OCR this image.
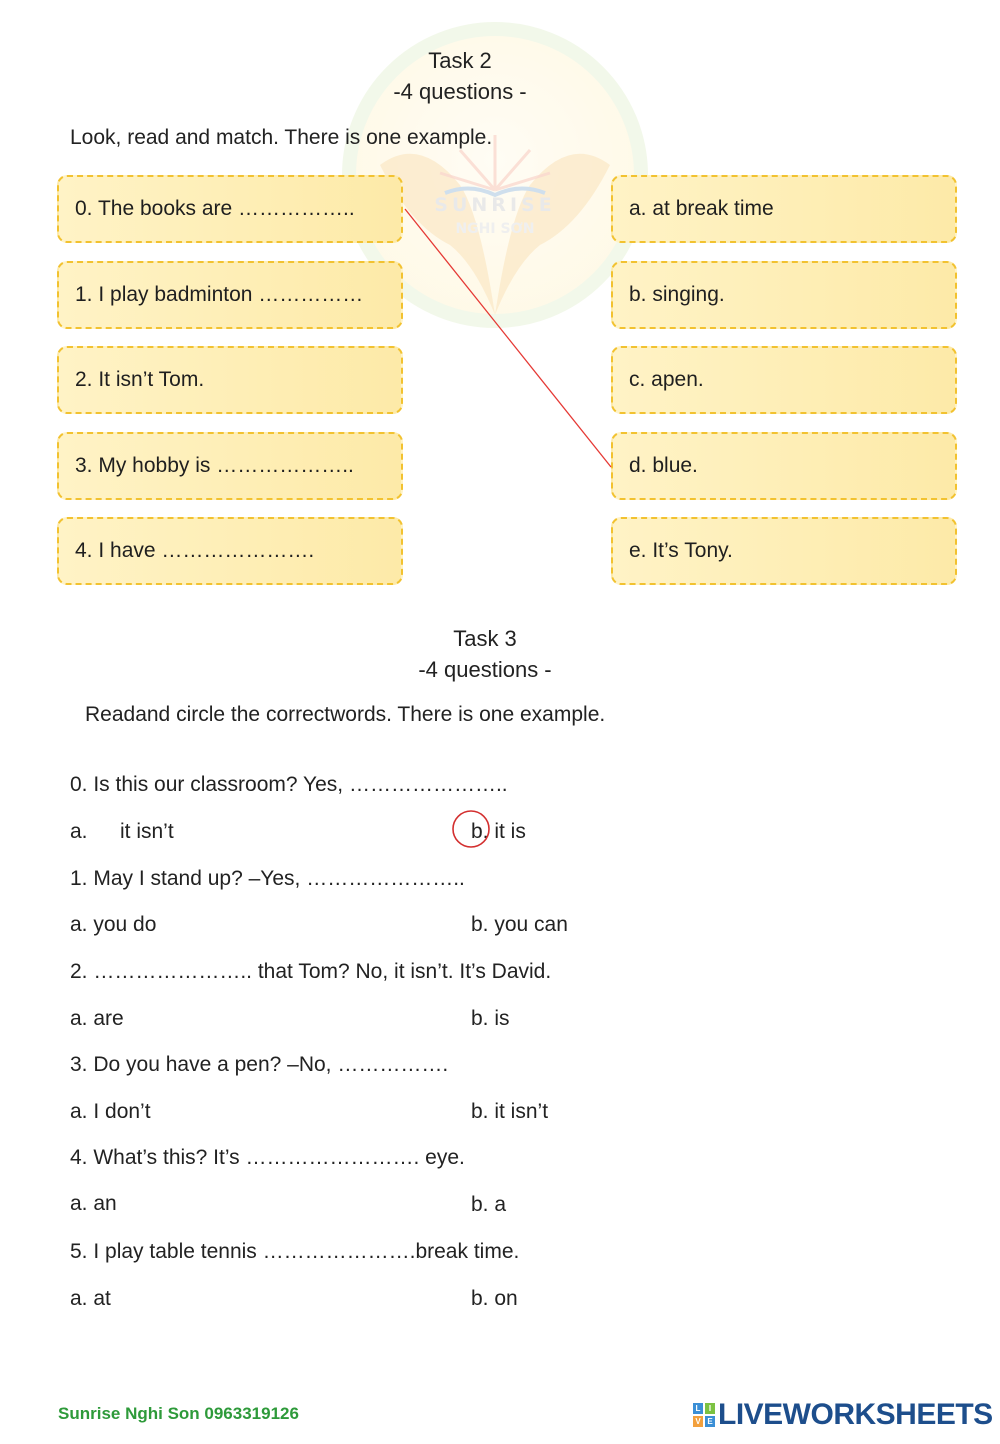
SUNRISE
NGHI SƠN
Task 2
-4 questions -
Look, read and match. There is one example.
0. The books are ……………..
1. I play badminton ……………
2. It isn’t Tom.
3. My hobby is ………………..
4. I have ………………….
a. at break time
b. singing.
c. apen.
d. blue.
e. It’s Tony.
Task 3
-4 questions -
Readand circle the correctwords. There is one example.
0. Is this our classroom? Yes, …………………..
a. it isn’t	b. it is
1. May I stand up? –Yes, …………………..
a. you do	b. you can
2. ………………….. that Tom? No, it isn’t. It’s David.
a. are	b. is
3. Do you have a pen? –No, …………….
a. I don’t	b. it isn’t
4. What’s this? It’s ……………………. eye.
a. an	b. a
5. I play table tennis ………………….break time.
a. at	b. on
Sunrise Nghi Son 0963319126	L	I
V E LIVEWORKSHEETS
